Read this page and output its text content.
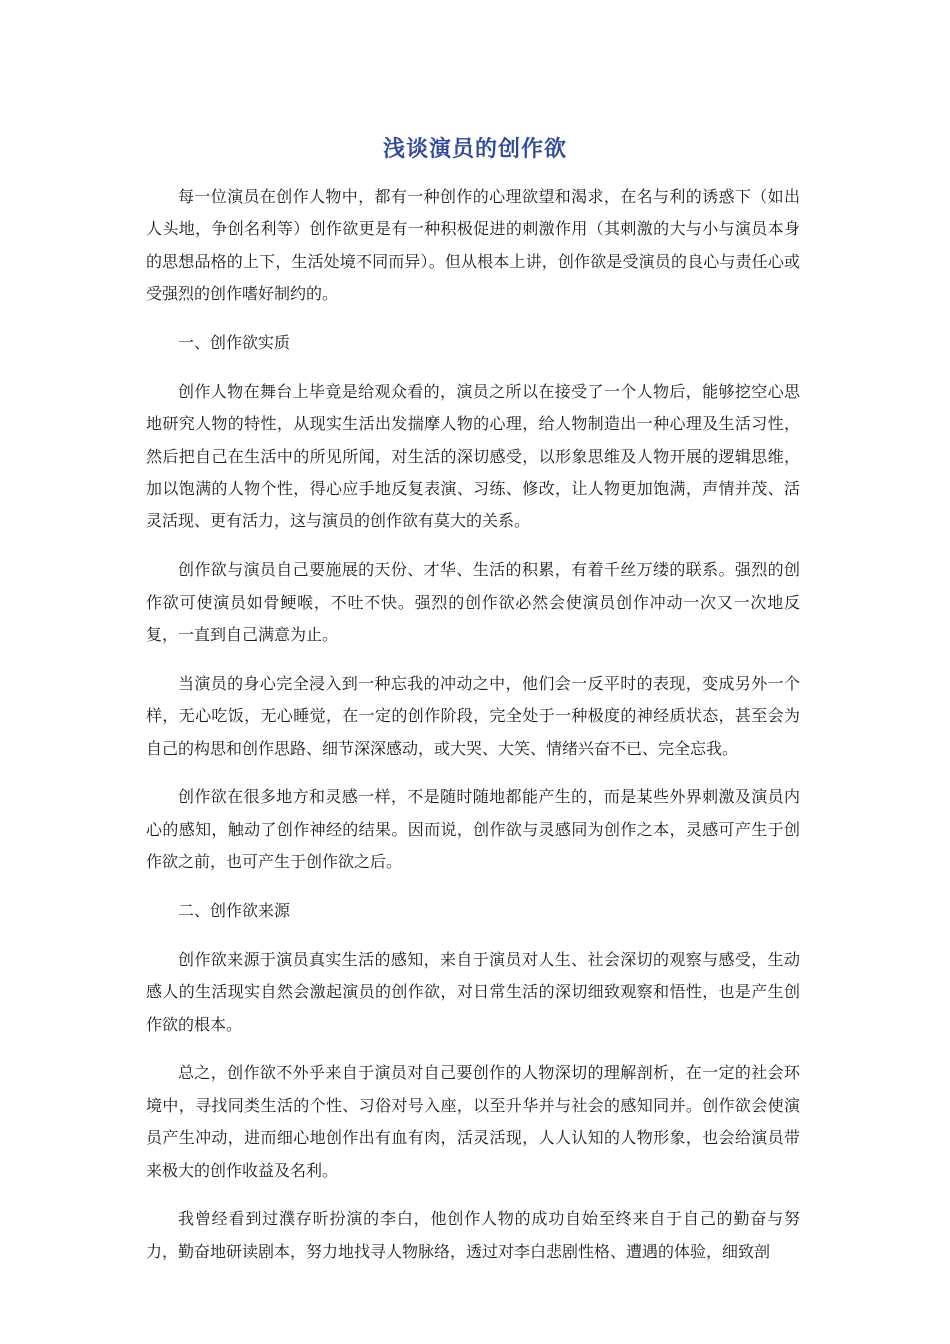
浅谈演员的创作欲

每一位演员在创作人物中，都有一种创作的心理欲望和渴求，在名与利的诱惑下（如出人头地，争创名利等）创作欲更是有一种积极促进的刺激作用（其刺激的大与小与演员本身的思想品格的上下，生活处境不同而异）。但从根本上讲，创作欲是受演员的良心与责任心或受强烈的创作嗜好制约的。

一、创作欲实质

创作人物在舞台上毕竟是给观众看的，演员之所以在接受了一个人物后，能够挖空心思地研究人物的特性，从现实生活出发揣摩人物的心理，给人物制造出一种心理及生活习性，然后把自己在生活中的所见所闻，对生活的深切感受，以形象思维及人物开展的逻辑思维，加以饱满的人物个性，得心应手地反复表演、习练、修改，让人物更加饱满，声情并茂、活灵活现、更有活力，这与演员的创作欲有莫大的关系。

创作欲与演员自己要施展的天份、才华、生活的积累，有着千丝万缕的联系。强烈的创作欲可使演员如骨鲠喉，不吐不快。强烈的创作欲必然会使演员创作冲动一次又一次地反复，一直到自己满意为止。

当演员的身心完全浸入到一种忘我的冲动之中，他们会一反平时的表现，变成另外一个样，无心吃饭，无心睡觉，在一定的创作阶段，完全处于一种极度的神经质状态，甚至会为自己的构思和创作思路、细节深深感动，或大哭、大笑、情绪兴奋不已、完全忘我。

创作欲在很多地方和灵感一样，不是随时随地都能产生的，而是某些外界刺激及演员内心的感知，触动了创作神经的结果。因而说，创作欲与灵感同为创作之本，灵感可产生于创作欲之前，也可产生于创作欲之后。

二、创作欲来源

创作欲来源于演员真实生活的感知，来自于演员对人生、社会深切的观察与感受，生动感人的生活现实自然会激起演员的创作欲，对日常生活的深切细致观察和悟性，也是产生创作欲的根本。

总之，创作欲不外乎来自于演员对自己要创作的人物深切的理解剖析，在一定的社会环境中，寻找同类生活的个性、习俗对号入座，以至升华并与社会的感知同并。创作欲会使演员产生冲动，进而细心地创作出有血有肉，活灵活现，人人认知的人物形象，也会给演员带来极大的创作收益及名利。

我曾经看到过濮存昕扮演的李白，他创作人物的成功自始至终来自于自己的勤奋与努力，勤奋地研读剧本，努力地找寻人物脉络，透过对李白悲剧性格、遭遇的体验，细致剖
